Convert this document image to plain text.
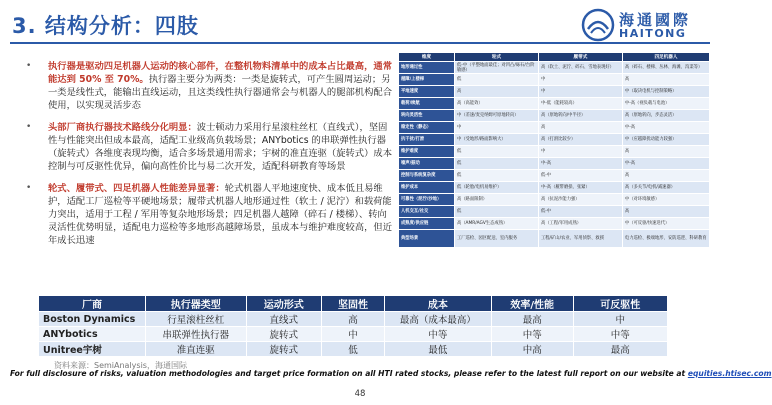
3. 结构分析：四肢	海通國際
HAITONG
• 执行器是驱动四足机器人运动的核心部件，在整机物料清单中的成本占比最高，通常能达到 50% 至 70%。执行器主要分为两类：一类是旋转式，可产生圆周运动；另一类是线性式，能输出直线运动，且这类线性执行器通常会与机器人的腿部机构配合使用，以实现灵活步态
• 头部厂商执行器技术路线分化明显：波士顿动力采用行星滚柱丝杠（直线式），坚固性与性能突出但成本最高，适配工业级高负载场景；ANYbotics 的串联弹性执行器（旋转式）各维度表现均衡，适合多场景通用需求；宇树的准直连驱（旋转式）成本控制与可反驱性优异，偏向高性价比与易二次开发，适配科研教育等场景
• 轮式、履带式、四足机器人性能差异显著：轮式机器人平地速度快、成本低且易维护，适配工厂巡检等平硬地场景；履带式机器人地形通过性（软土 / 泥泞）和载荷能力突出，适用于工程 / 军用等复杂地形场景；四足机器人越障（碎石 / 楼梯）、转向灵活性优势明显，适配电力巡检等多地形高越障场景，虽成本与维护难度较高，但近年成长迅速
维度	轮式	履带式	四足机器人
地形通过性	低-中（平整地面最佳；对凹凸/砾石/台阶敏感）	高（软土、泥泞、碎石、雪地表现好）	高（碎石、楼梯、丛林、海滩、沟渠等）
越障/上楼梯	低	中	高
平地速度	高	中	中（取决电机与控制策略）
载荷/续航	高（高能效）	中-低（能耗较高）	中-高（视负载与电池）
转向灵活性	中（差速/麦克纳姆可原地转向）	高（原地转向/中半径）	高（原地转向，步态灵活）
稳定性（静态）	中	高	中-高
抗干扰/打滑	中（受地形/路面影响大）	高（打滑比较少）	中（应越障扰动能力较强）
维护难度	低	中	高
噪声/振动	低	中-高	中-高
控制与系统复杂度	低	低-中	高
维护成本	低（轮胎/电机易维护）	中-高（履带磨损、张紧）	高（多关节/电机/减速器）
可靠性（泥泞/沙地）	高（路面限制）	高（抗泥沙能力强）	中（对环境敏感）
人机交互/社交	低	低-中	高
成熟度/供应链	高（AMR/AGV生态成熟）	高（工程/军用成熟）	中（可反驱/快速迭代）
典型场景	工厂巡检、园区配送、室内服务	工程/矿山/农业、军用侦察、救援	电力巡检、极端地形、安防巡逻、科研教育
厂商	执行器类型	运动形式	坚固性	成本	效率/性能	可反驱性
Boston Dynamics	行星滚柱丝杠	直线式	高	最高（成本最高）	最高	中
ANYbotics	串联弹性执行器	旋转式	中	中等	中等	中等
Unitree宇树	准直连驱	旋转式	低	最低	中高	最高
资料来源：SemiAnalysis，海通国际
For full disclosure of risks, valuation methodologies and target price formation on all HTI rated stocks, please refer to the latest full report on our website at equities.htisec.com
48
